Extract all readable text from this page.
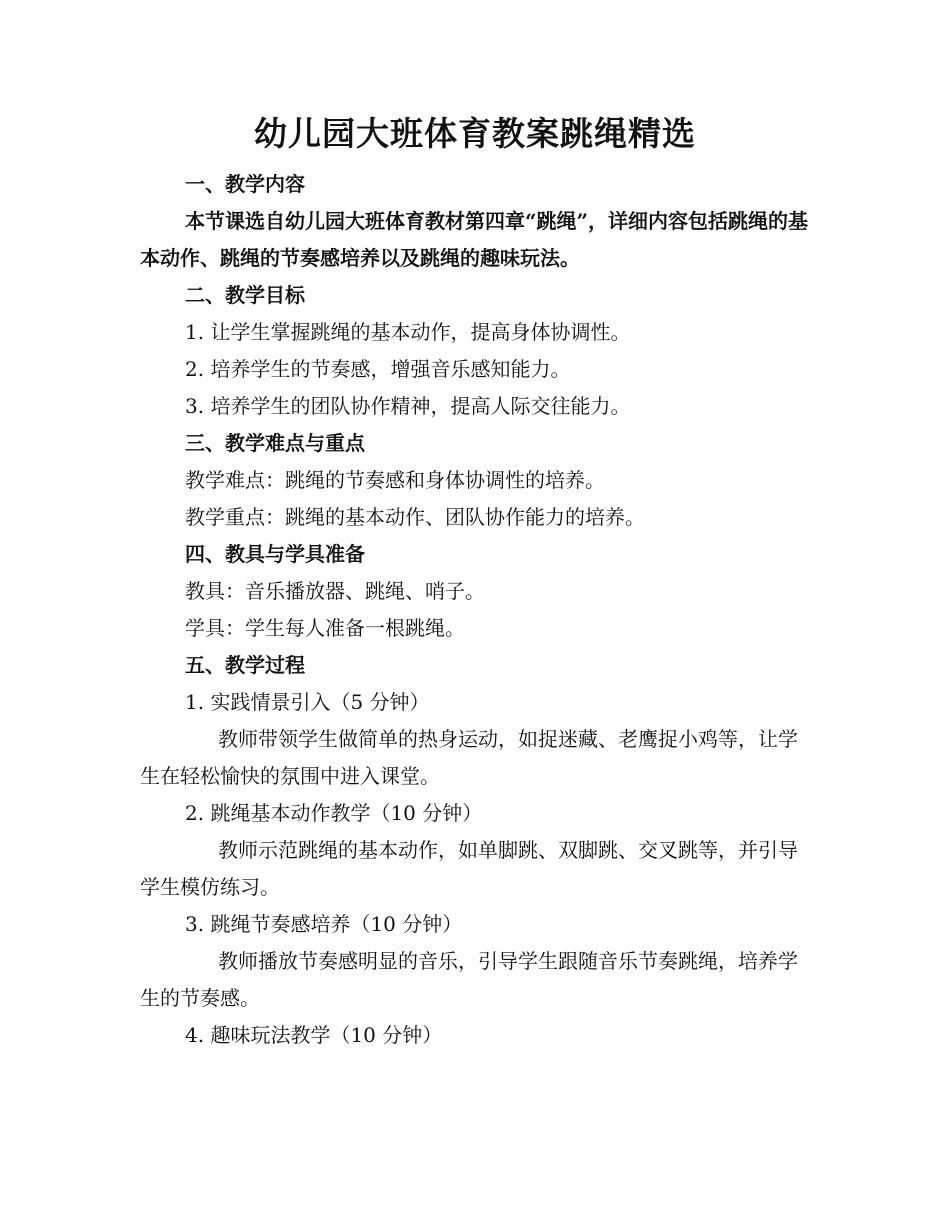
幼儿园大班体育教案跳绳精选

一、教学内容

本节课选自幼儿园大班体育教材第四章“跳绳”，详细内容包括跳绳的基本动作、跳绳的节奏感培养以及跳绳的趣味玩法。

二、教学目标

1. 让学生掌握跳绳的基本动作，提高身体协调性。

2. 培养学生的节奏感，增强音乐感知能力。

3. 培养学生的团队协作精神，提高人际交往能力。

三、教学难点与重点

教学难点：跳绳的节奏感和身体协调性的培养。

教学重点：跳绳的基本动作、团队协作能力的培养。

四、教具与学具准备

教具：音乐播放器、跳绳、哨子。

学具：学生每人准备一根跳绳。

五、教学过程

1. 实践情景引入（5 分钟）

教师带领学生做简单的热身运动，如捉迷藏、老鹰捉小鸡等，让学生在轻松愉快的氛围中进入课堂。

2. 跳绳基本动作教学（10 分钟）

教师示范跳绳的基本动作，如单脚跳、双脚跳、交叉跳等，并引导学生模仿练习。

3. 跳绳节奏感培养（10 分钟）

教师播放节奏感明显的音乐，引导学生跟随音乐节奏跳绳，培养学生的节奏感。

4. 趣味玩法教学（10 分钟）
